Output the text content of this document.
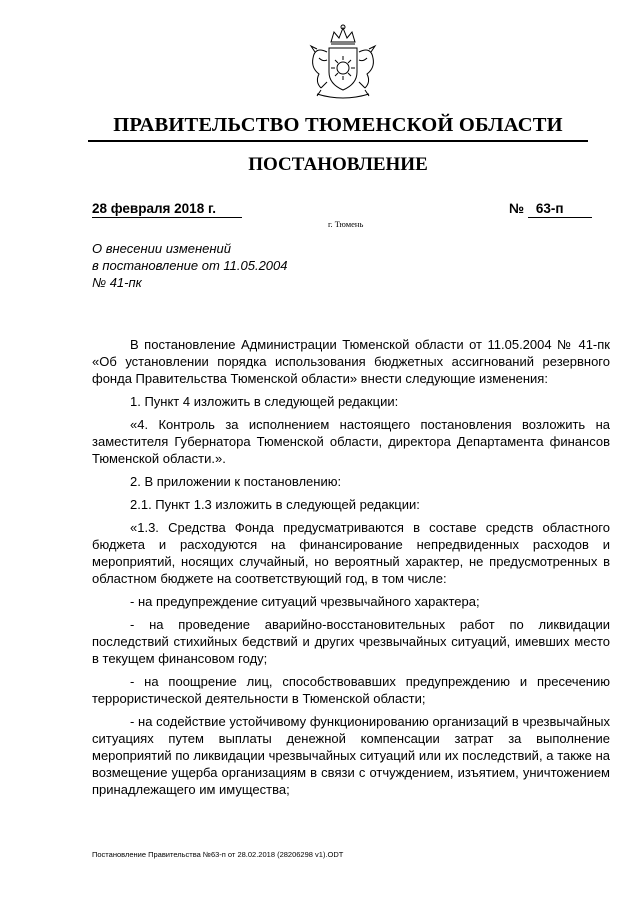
ПРАВИТЕЛЬСТВО ТЮМЕНСКОЙ ОБЛАСТИ
ПОСТАНОВЛЕНИЕ
28 февраля 2018 г.	№ 63-п
г. Тюмень
О внесении изменений
в постановление от 11.05.2004
№ 41-пк

В постановление Администрации Тюменской области от 11.05.2004 № 41-пк «Об установлении порядка использования бюджетных ассигнований резервного фонда Правительства Тюменской области» внести следующие изменения:

1. Пункт 4 изложить в следующей редакции:

«4. Контроль за исполнением настоящего постановления возложить на заместителя Губернатора Тюменской области, директора Департамента финансов Тюменской области.».

2. В приложении к постановлению:

2.1. Пункт 1.3 изложить в следующей редакции:

«1.3. Средства Фонда предусматриваются в составе средств областного бюджета и расходуются на финансирование непредвиденных расходов и мероприятий, носящих случайный, но вероятный характер, не предусмотренных в областном бюджете на соответствующий год, в том числе:

- на предупреждение ситуаций чрезвычайного характера;

- на проведение аварийно-восстановительных работ по ликвидации последствий стихийных бедствий и других чрезвычайных ситуаций, имевших место в текущем финансовом году;

- на поощрение лиц, способствовавших предупреждению и пресечению террористической деятельности в Тюменской области;

- на содействие устойчивому функционированию организаций в чрезвычайных ситуациях путем выплаты денежной компенсации затрат за выполнение мероприятий по ликвидации чрезвычайных ситуаций или их последствий, а также на возмещение ущерба организациям в связи с отчуждением, изъятием, уничтожением принадлежащего им имущества;

Постановление Правительства №63-п от 28.02.2018 (28206298 v1).ODT
